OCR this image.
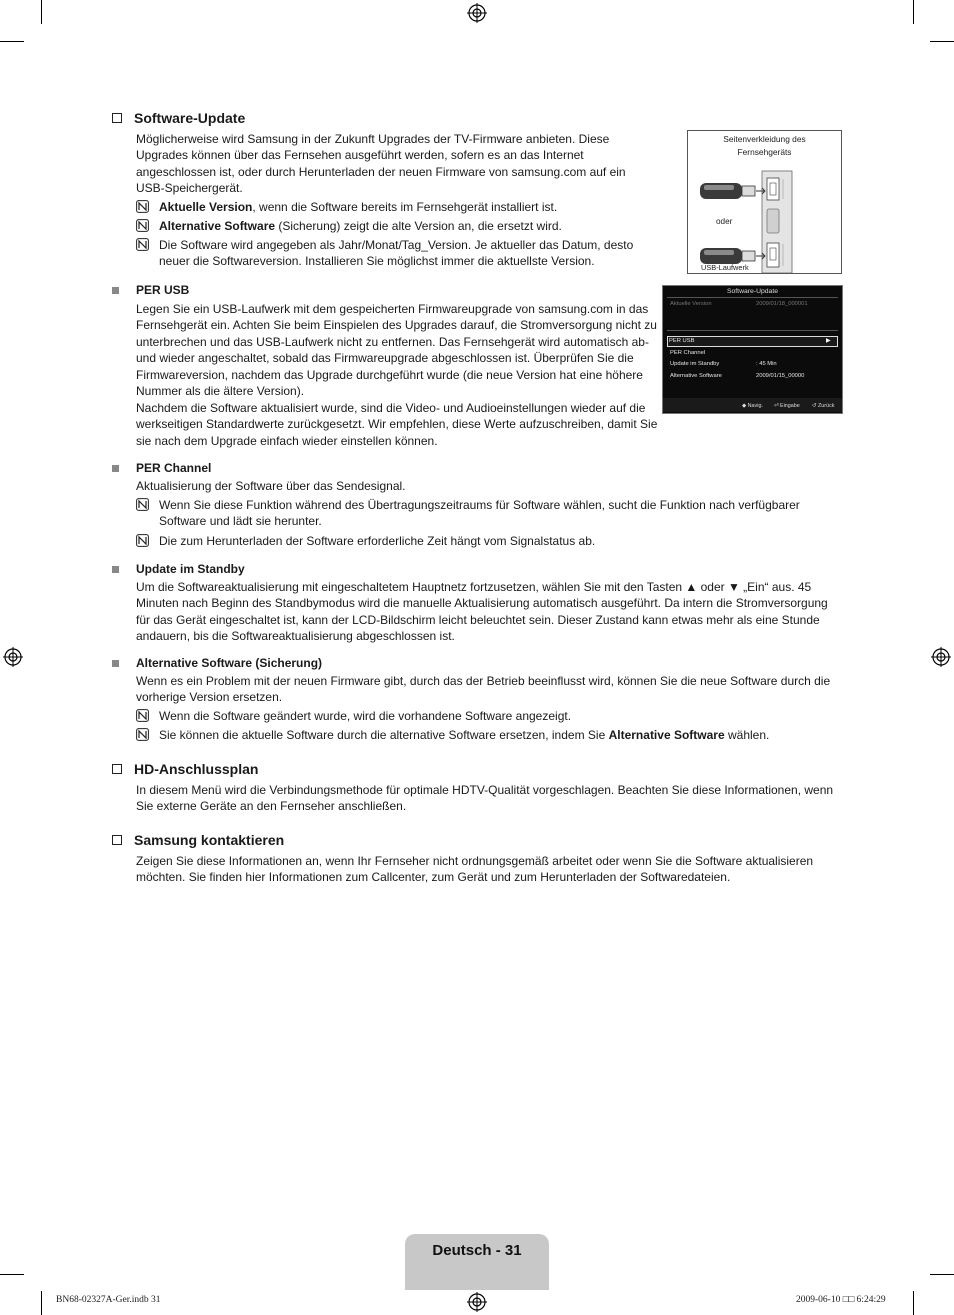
Software-Update
Möglicherweise wird Samsung in der Zukunft Upgrades der TV-Firmware anbieten. Diese Upgrades können über das Fernsehen ausgeführt werden, sofern es an das Internet angeschlossen ist, oder durch Herunterladen der neuen Firmware von samsung.com auf ein USB-Speichergerät.
Aktuelle Version, wenn die Software bereits im Fernsehgerät installiert ist.
Alternative Software (Sicherung) zeigt die alte Version an, die ersetzt wird.
Die Software wird angegeben als Jahr/Monat/Tag_Version. Je aktueller das Datum, desto neuer die Softwareversion. Installieren Sie möglichst immer die aktuellste Version.
Seitenverkleidung des
Fernsehgeräts
oder
USB-Laufwerk
PER USB
Legen Sie ein USB-Laufwerk mit dem gespeicherten Firmwareupgrade von samsung.com in das Fernsehgerät ein. Achten Sie beim Einspielen des Upgrades darauf, die Stromversorgung nicht zu unterbrechen und das USB-Laufwerk nicht zu entfernen. Das Fernsehgerät wird automatisch ab- und wieder angeschaltet, sobald das Firmwareupgrade abgeschlossen ist. Überprüfen Sie die Firmwareversion, nachdem das Upgrade durchgeführt wurde (die neue Version hat eine höhere Nummer als die ältere Version).
Nachdem die Software aktualisiert wurde, sind die Video- und Audioeinstellungen wieder auf die werkseitigen Standardwerte zurückgesetzt. Wir empfehlen, diese Werte aufzuschreiben, damit Sie sie nach dem Upgrade einfach wieder einstellen können.
Software-Update
Aktuelle Version	2009/01/18_000001
PER USB	▶
PER Channel
Update im Standby	: 45 Min
Alternative Software	2009/01/15_00000
◆ Navig. ⏎ Eingabe ↺ Zurück
PER Channel
Aktualisierung der Software über das Sendesignal.
Wenn Sie diese Funktion während des Übertragungszeitraums für Software wählen, sucht die Funktion nach verfügbarer Software und lädt sie herunter.
Die zum Herunterladen der Software erforderliche Zeit hängt vom Signalstatus ab.
Update im Standby
Um die Softwareaktualisierung mit eingeschaltetem Hauptnetz fortzusetzen, wählen Sie mit den Tasten ▲ oder ▼ „Ein“ aus. 45 Minuten nach Beginn des Standbymodus wird die manuelle Aktualisierung automatisch ausgeführt. Da intern die Stromversorgung für das Gerät eingeschaltet ist, kann der LCD-Bildschirm leicht beleuchtet sein. Dieser Zustand kann etwas mehr als eine Stunde andauern, bis die Softwareaktualisierung abgeschlossen ist.
Alternative Software (Sicherung)
Wenn es ein Problem mit der neuen Firmware gibt, durch das der Betrieb beeinflusst wird, können Sie die neue Software durch die vorherige Version ersetzen.
Wenn die Software geändert wurde, wird die vorhandene Software angezeigt.
Sie können die aktuelle Software durch die alternative Software ersetzen, indem Sie Alternative Software wählen.
HD-Anschlussplan
In diesem Menü wird die Verbindungsmethode für optimale HDTV-Qualität vorgeschlagen. Beachten Sie diese Informationen, wenn Sie externe Geräte an den Fernseher anschließen.
Samsung kontaktieren
Zeigen Sie diese Informationen an, wenn Ihr Fernseher nicht ordnungsgemäß arbeitet oder wenn Sie die Software aktualisieren möchten. Sie finden hier Informationen zum Callcenter, zum Gerät und zum Herunterladen der Softwaredateien.
Deutsch - 31
BN68-02327A-Ger.indb 31	2009-06-10 □□ 6:24:29
